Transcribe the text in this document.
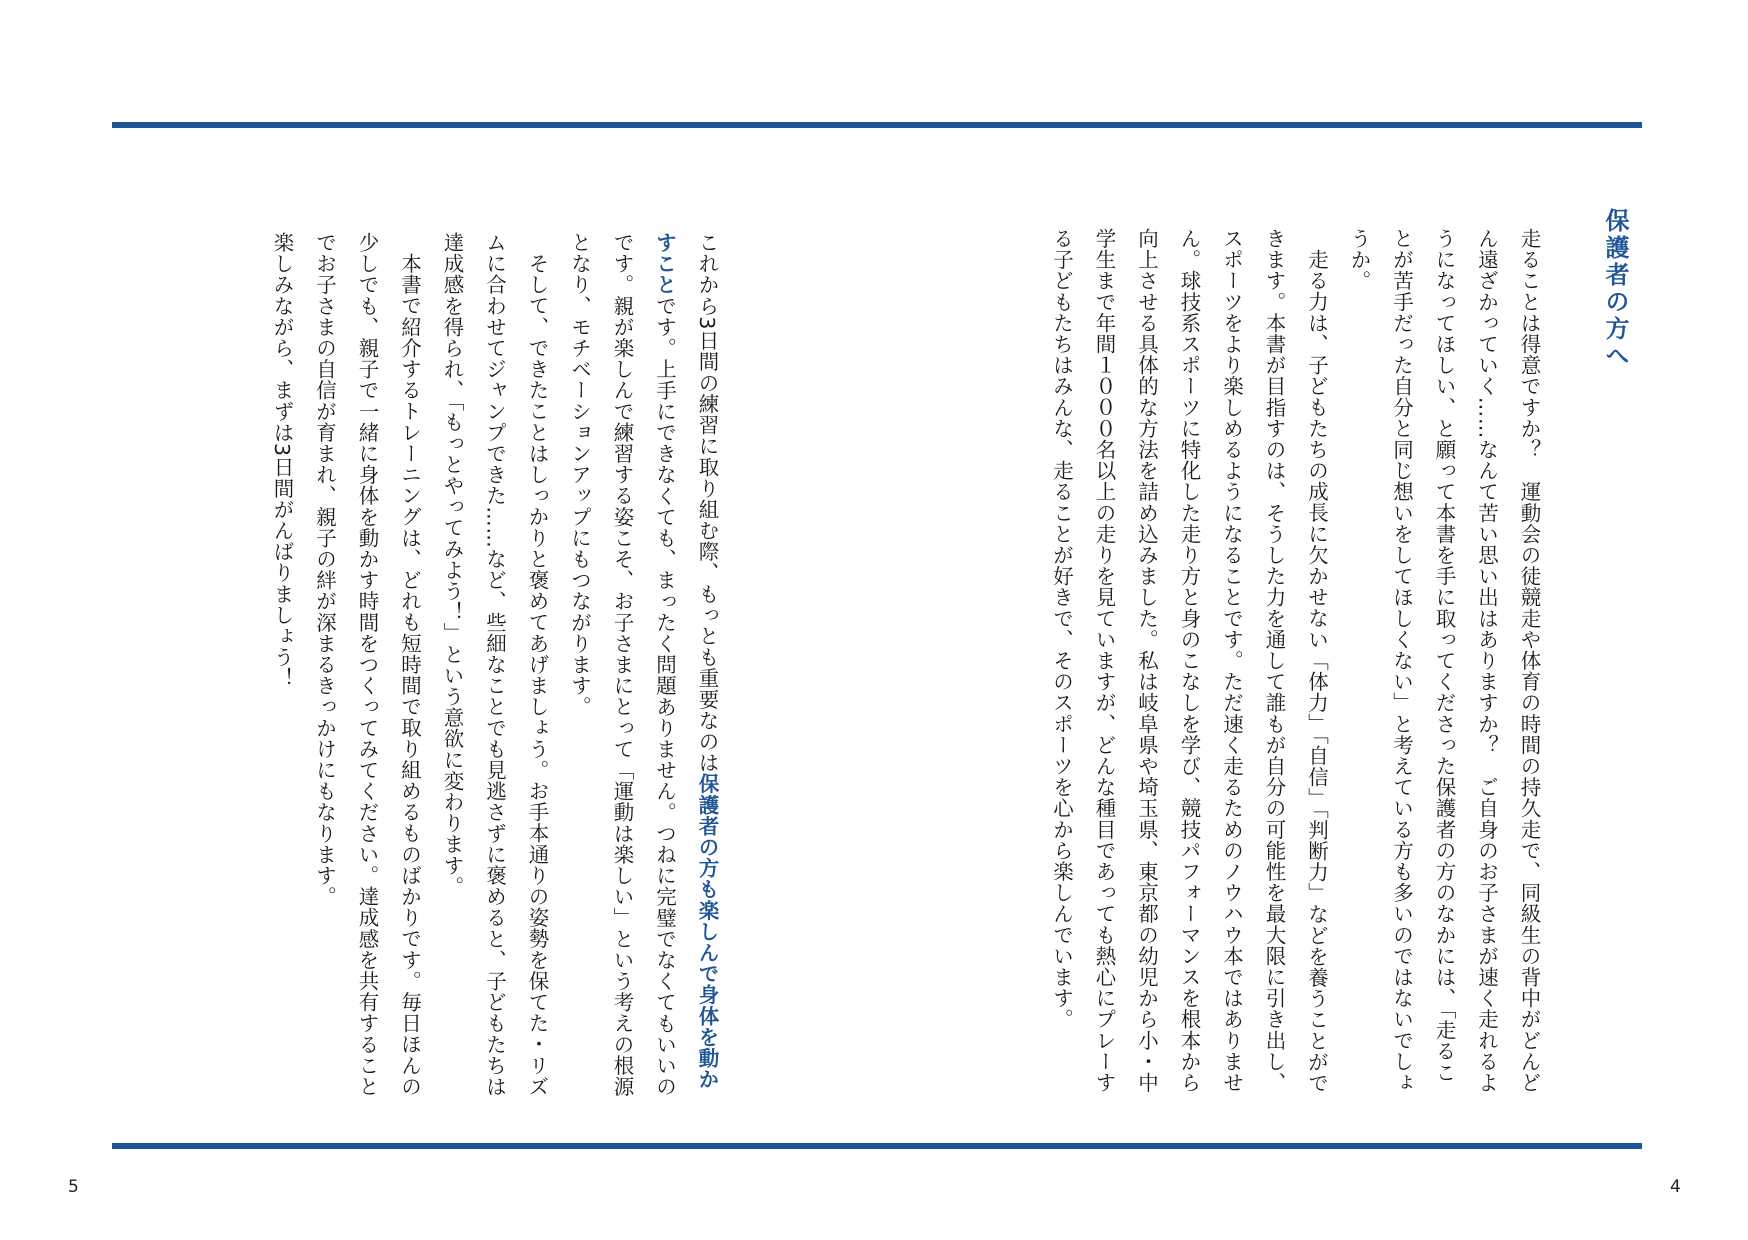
保護者の方へ

走ることは得意ですか？　運動会の徒競走や体育の時間の持久走で、同級生の背中がどんどん遠ざかっていく……なんて苦い思い出はありますか？　ご自身のお子さまが速く走れるようになってほしい、と願って本書を手に取ってくださった保護者の方のなかには、「走ることが苦手だった自分と同じ想いをしてほしくない」と考えている方も多いのではないでしょうか。

走る力は、子どもたちの成長に欠かせない「体力」「自信」「判断力」などを養うことができます。本書が目指すのは、そうした力を通して誰もが自分の可能性を最大限に引き出し、スポーツをより楽しめるようになることです。ただ速く走るためのノウハウ本ではありません。球技系スポーツに特化した走り方と身のこなしを学び、競技パフォーマンスを根本から向上させる具体的な方法を詰め込みました。私は岐阜県や埼玉県、東京都の幼児から小・中学生まで年間１０００名以上の走りを見ていますが、どんな種目であっても熱心にプレーする子どもたちはみんな、走ることが好きで、そのスポーツを心から楽しんでいます。

これから3日間の練習に取り組む際、もっとも重要なのは保護者の方も楽しんで身体を動かすことです。上手にできなくても、まったく問題ありません。つねに完璧でなくてもいいのです。親が楽しんで練習する姿こそ、お子さまにとって「運動は楽しい」という考えの根源となり、モチベーションアップにもつながります。

そして、できたことはしっかりと褒めてあげましょう。お手本通りの姿勢を保てた・リズムに合わせてジャンプできた……など、些細なことでも見逃さずに褒めると、子どもたちは達成感を得られ、「もっとやってみよう！」という意欲に変わります。

本書で紹介するトレーニングは、どれも短時間で取り組めるものばかりです。毎日ほんの少しでも、親子で一緒に身体を動かす時間をつくってみてください。達成感を共有することでお子さまの自信が育まれ、親子の絆が深まるきっかけにもなります。

楽しみながら、まずは3日間がんばりましょう！

5	4
